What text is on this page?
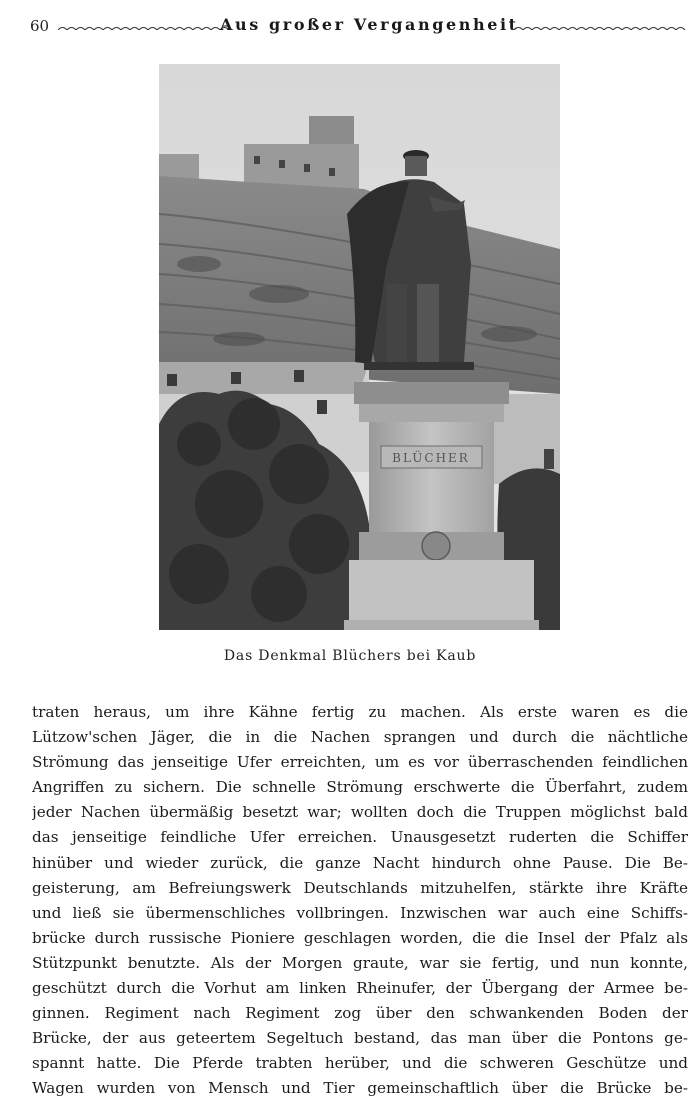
60	Aus großer Vergangenheit
BLÜCHER
Das Denkmal Blüchers bei Kaub
traten heraus, um ihre Kähne fertig zu machen. Als erste waren es die
Lützow'schen Jäger, die in die Nachen sprangen und durch die nächtliche
Strömung das jenseitige Ufer erreichten, um es vor überraschenden feindlichen
Angriffen zu sichern. Die schnelle Strömung erschwerte die Überfahrt, zudem
jeder Nachen übermäßig besetzt war; wollten doch die Truppen möglichst bald
das jenseitige feindliche Ufer erreichen. Unausgesetzt ruderten die Schiffer
hinüber und wieder zurück, die ganze Nacht hindurch ohne Pause. Die Be-
geisterung, am Befreiungswerk Deutschlands mitzuhelfen, stärkte ihre Kräfte
und ließ sie übermenschliches vollbringen. Inzwischen war auch eine Schiffs-
brücke durch russische Pioniere geschlagen worden, die die Insel der Pfalz als
Stützpunkt benutzte. Als der Morgen graute, war sie fertig, und nun konnte,
geschützt durch die Vorhut am linken Rheinufer, der Übergang der Armee be-
ginnen. Regiment nach Regiment zog über den schwankenden Boden der
Brücke, der aus geteertem Segeltuch bestand, das man über die Pontons ge-
spannt hatte. Die Pferde trabten herüber, und die schweren Geschütze und
Wagen wurden von Mensch und Tier gemeinschaftlich über die Brücke be-
